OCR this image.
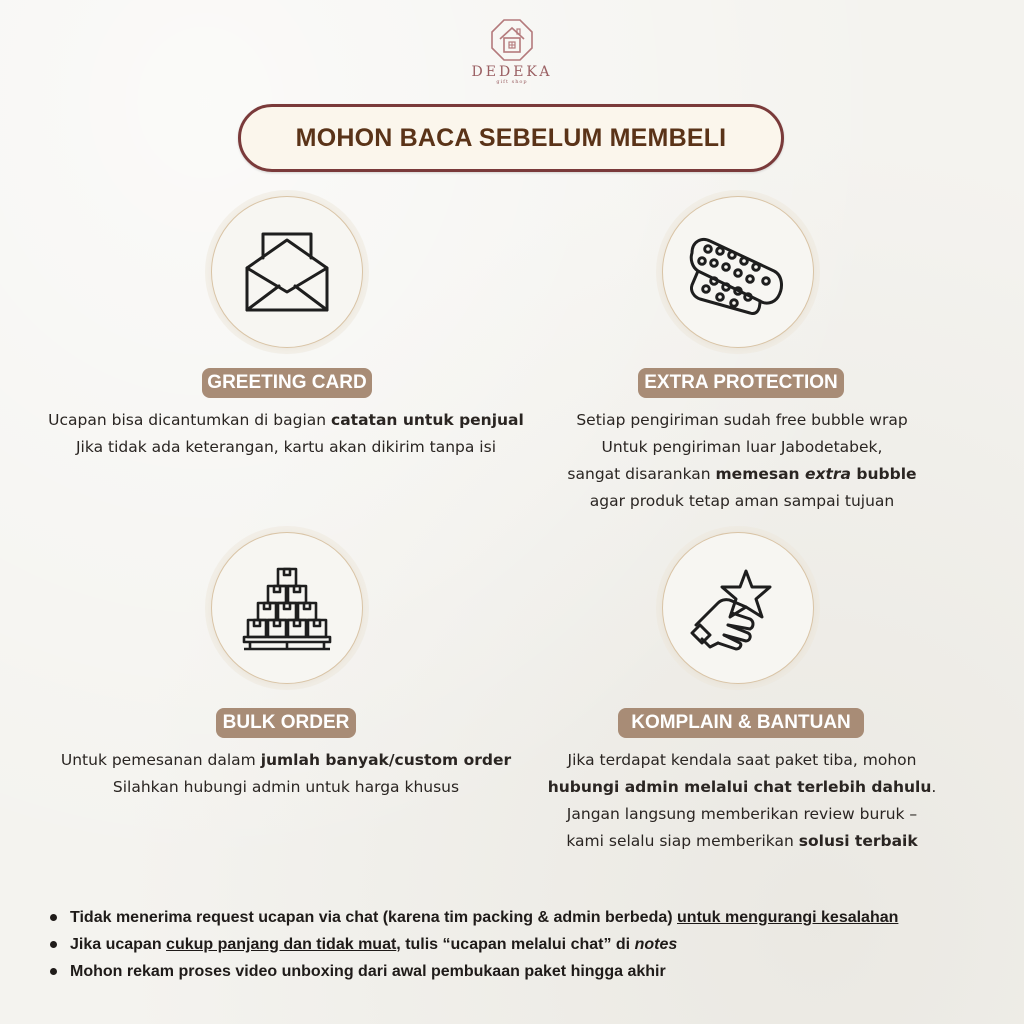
DEDEKA
gift shop
MOHON BACA SEBELUM MEMBELI
GREETING CARD	EXTRA PROTECTION
BULK ORDER	KOMPLAIN & BANTUAN
Ucapan bisa dicantumkan di bagian catatan untuk penjual
Jika tidak ada keterangan, kartu akan dikirim tanpa isi
Setiap pengiriman sudah free bubble wrap
Untuk pengiriman luar Jabodetabek,
sangat disarankan memesan extra bubble
agar produk tetap aman sampai tujuan
Untuk pemesanan dalam jumlah banyak/custom order
Silahkan hubungi admin untuk harga khusus
Jika terdapat kendala saat paket tiba, mohon
hubungi admin melalui chat terlebih dahulu.
Jangan langsung memberikan review buruk –
kami selalu siap memberikan solusi terbaik
Tidak menerima request ucapan via chat (karena tim packing & admin berbeda) untuk mengurangi kesalahan
Jika ucapan cukup panjang dan tidak muat , tulis “ucapan melalui chat” di notes
Mohon rekam proses video unboxing dari awal pembukaan paket hingga akhir
